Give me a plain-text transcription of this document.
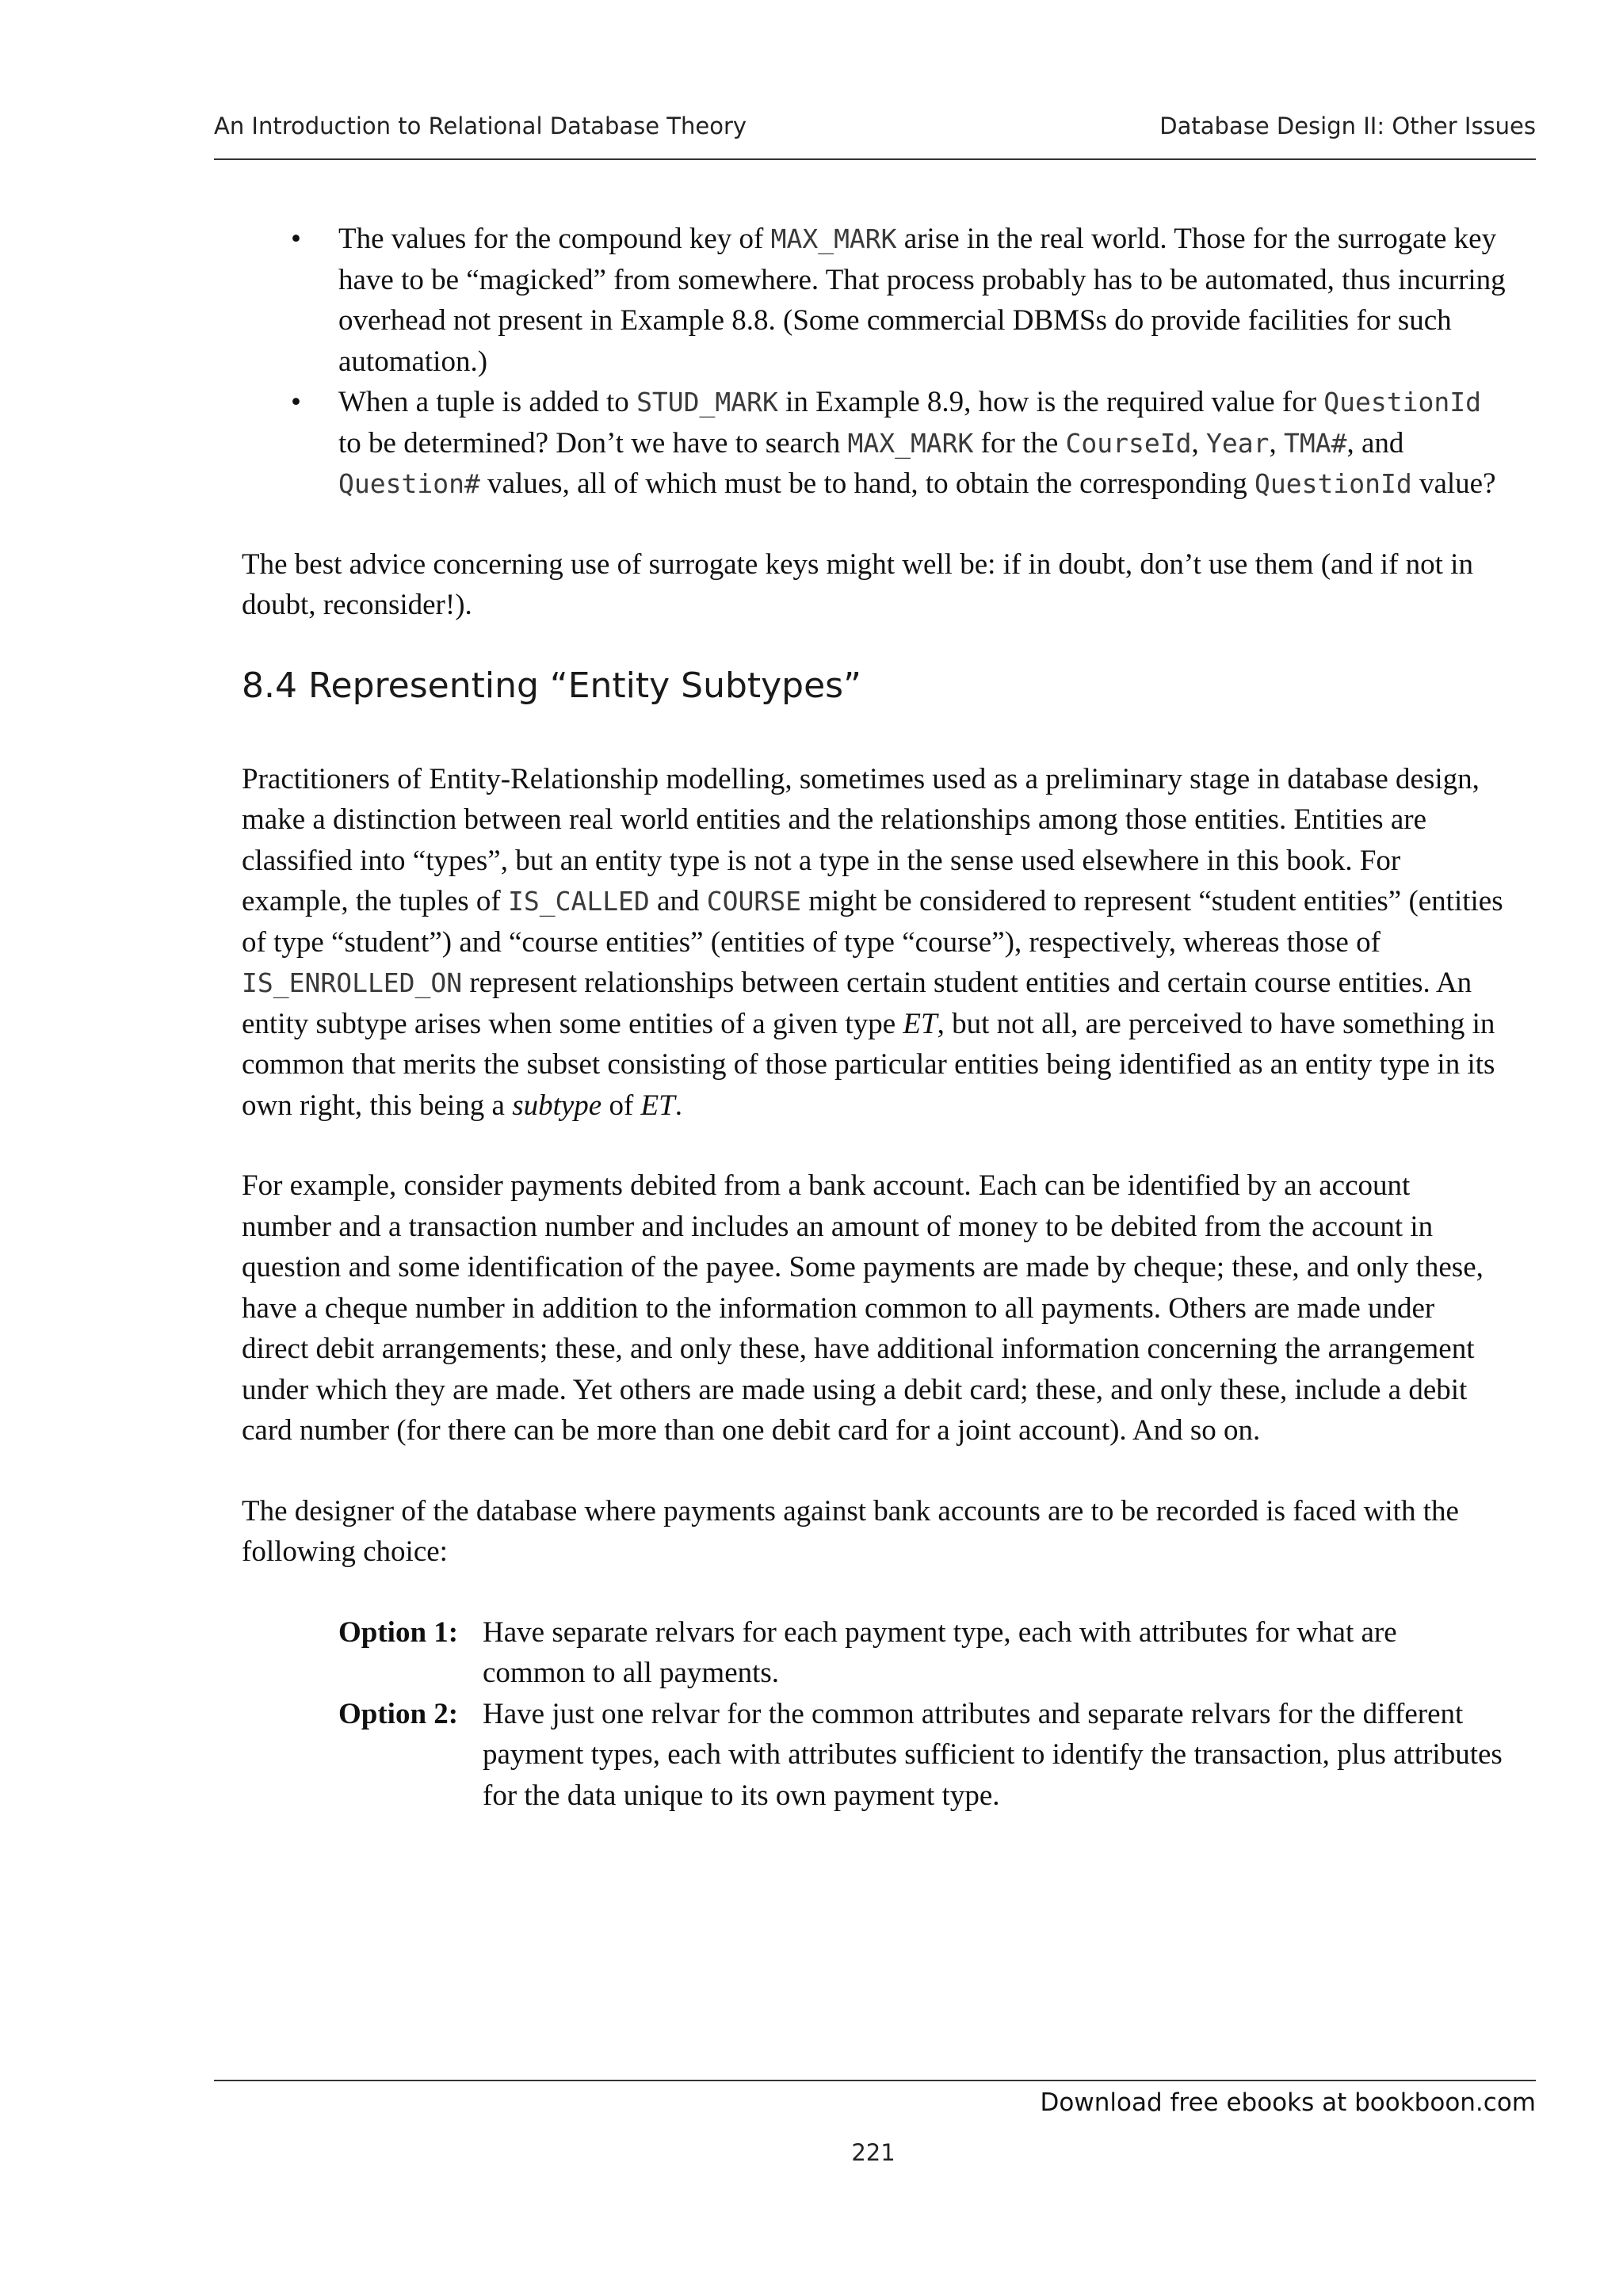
An Introduction to Relational Database Theory	Database Design II: Other Issues
• The values for the compound key of MAX_MARK arise in the real world. Those for the surrogate key have to be “magicked” from somewhere. That process probably has to be automated, thus incurring overhead not present in Example 8.8. (Some commercial DBMSs do provide facilities for such automation.)
• When a tuple is added to STUD_MARK in Example 8.9, how is the required value for QuestionId to be determined? Don’t we have to search MAX_MARK for the CourseId, Year, TMA#, and Question# values, all of which must be to hand, to obtain the corresponding QuestionId value?

The best advice concerning use of surrogate keys might well be: if in doubt, don’t use them (and if not in doubt, reconsider!).

8.4 Representing “Entity Subtypes”

Practitioners of Entity-Relationship modelling, sometimes used as a preliminary stage in database design, make a distinction between real world entities and the relationships among those entities. Entities are classified into “types”, but an entity type is not a type in the sense used elsewhere in this book. For example, the tuples of IS_CALLED and COURSE might be considered to represent “student entities” (entities of type “student”) and “course entities” (entities of type “course”), respectively, whereas those of IS_ENROLLED_ON represent relationships between certain student entities and certain course entities. An entity subtype arises when some entities of a given type ET, but not all, are perceived to have something in common that merits the subset consisting of those particular entities being identified as an entity type in its own right, this being a subtype of ET.

For example, consider payments debited from a bank account. Each can be identified by an account number and a transaction number and includes an amount of money to be debited from the account in question and some identification of the payee. Some payments are made by cheque; these, and only these, have a cheque number in addition to the information common to all payments. Others are made under direct debit arrangements; these, and only these, have additional information concerning the arrangement under which they are made. Yet others are made using a debit card; these, and only these, include a debit card number (for there can be more than one debit card for a joint account). And so on.

The designer of the database where payments against bank accounts are to be recorded is faced with the following choice:

Option 1: Have separate relvars for each payment type, each with attributes for what are common to all payments.
Option 2: Have just one relvar for the common attributes and separate relvars for the different payment types, each with attributes sufficient to identify the transaction, plus attributes for the data unique to its own payment type.
Download free ebooks at bookboon.com
221
